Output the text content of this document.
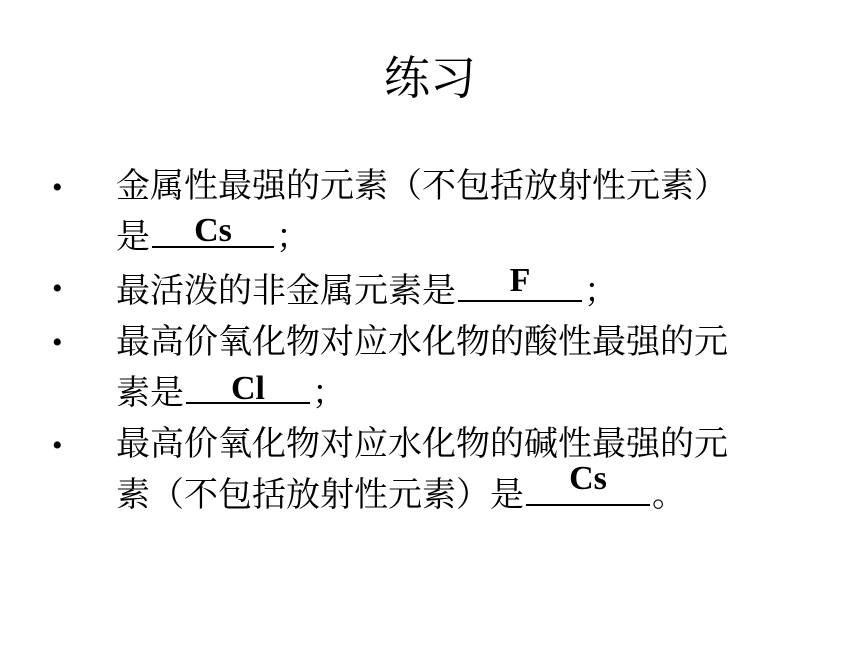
练习
• 金属性最强的元素（不包括放射性元素）
是	Cs	；
• 最活泼的非金属元素是	F	；
• 最高价氧化物对应水化物的酸性最强的元
素是	Cl	；
• 最高价氧化物对应水化物的碱性最强的元
素（不包括放射性元素）是	Cs	。
